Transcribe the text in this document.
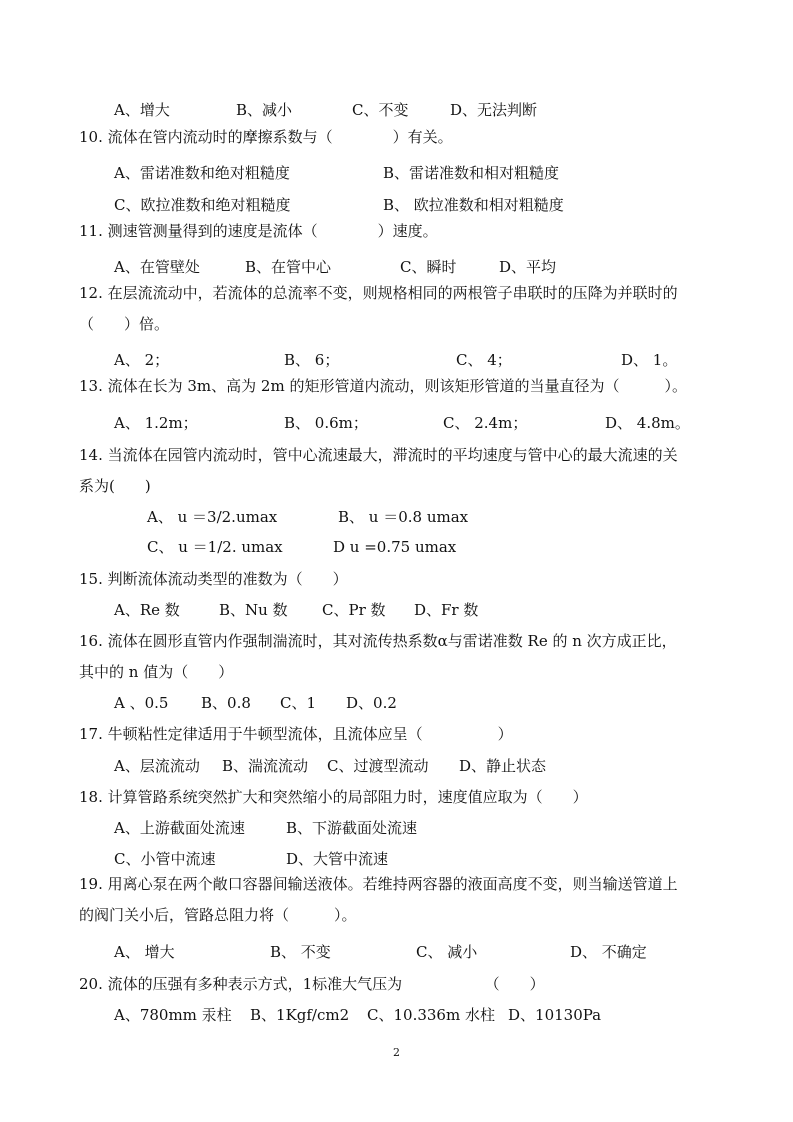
A、增大	B、减小	C、不变	D、无法判断
10. 流体在管内流动时的摩擦系数与（　　　　）有关。
A、雷诺准数和绝对粗糙度	B、雷诺准数和相对粗糙度
C、欧拉准数和绝对粗糙度	B、 欧拉准数和相对粗糙度
11. 测速管测量得到的速度是流体（　　　　）速度。
A、在管壁处	B、在管中心	C、瞬时	D、平均
12. 在层流流动中，若流体的总流率不变，则规格相同的两根管子串联时的压降为并联时的
（　　）倍。
A、 2；	B、 6；	C、 4；	D、 1。
13. 流体在长为 3m、高为 2m 的矩形管道内流动，则该矩形管道的当量直径为（　　　）。
A、 1.2m；	B、 0.6m；	C、 2.4m；	D、 4.8m。
14. 当流体在园管内流动时，管中心流速最大，滞流时的平均速度与管中心的最大流速的关
系为(　　)
A、 u ＝3/2.umax	B、 u ＝0.8 umax
C、 u ＝1/2. umax	D u =0.75 umax
15. 判断流体流动类型的准数为（　　）
A、Re 数	B、Nu 数 C、Pr 数 D、Fr 数
16. 流体在圆形直管内作强制湍流时，其对流传热系数α与雷诺准数 Re 的 n 次方成正比，
其中的 n 值为（　　）
A 、0.5 B、0.8 C、1 D、0.2
17. 牛顿粘性定律适用于牛顿型流体，且流体应呈（　　　　　）
A、层流流动 B、湍流流动 C、过渡型流动 D、静止状态
18. 计算管路系统突然扩大和突然缩小的局部阻力时，速度值应取为（　　）
A、上游截面处流速	B、下游截面处流速
C、小管中流速	D、大管中流速
19. 用离心泵在两个敞口容器间输送液体。若维持两容器的液面高度不变，则当输送管道上
的阀门关小后，管路总阻力将（　　　）。
A、 增大	B、 不变	C、 减小	D、 不确定
20. 流体的压强有多种表示方式，1标准大气压为　　　　　　（　　）
A、780mm 汞柱 B、1Kgf/cm2 C、10.336m 水柱 D、10130Pa
2
